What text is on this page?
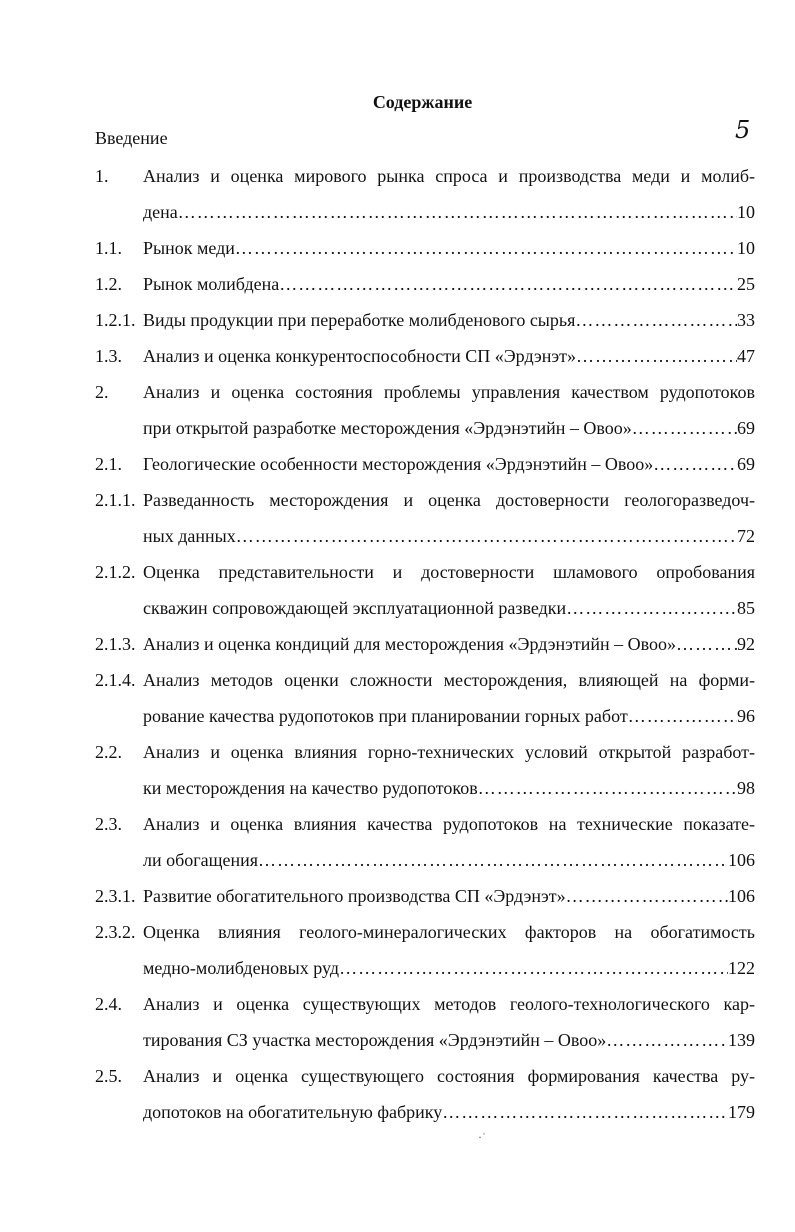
Содержание
Введение	5
1. Анализ и оценка мирового рынка спроса и производства меди и молиб-
дена …………………………………………………………………………………………………………………………………………………………………………………	10
1.1. Рынок меди …………………………………………………………………………………………………………………………………………………………………………………	10
1.2. Рынок молибдена …………………………………………………………………………………………………………………………………………………………………………………	25
1.2.1. Виды продукции при переработке молибденового сырья …………………………………………………………………………………………………………………………………………………………………………………	33
1.3. Анализ и оценка конкурентоспособности СП «Эрдэнэт» …………………………………………………………………………………………………………………………………………………………………………………	47
2. Анализ и оценка состояния проблемы управления качеством рудопотоков
при открытой разработке месторождения «Эрдэнэтийн – Овоо» …………………………………………………………………………………………………………………………………………………………………………………	69
2.1. Геологические особенности месторождения «Эрдэнэтийн – Овоо» …………………………………………………………………………………………………………………………………………………………………………………	69
2.1.1. Разведанность месторождения и оценка достоверности геологоразведоч-
ных данных …………………………………………………………………………………………………………………………………………………………………………………	72
2.1.2. Оценка представительности и достоверности шламового опробования
скважин сопровождающей эксплуатационной разведки …………………………………………………………………………………………………………………………………………………………………………………	85
2.1.3. Анализ и оценка кондиций для месторождения «Эрдэнэтийн – Овоо» …………………………………………………………………………………………………………………………………………………………………………………	92
2.1.4. Анализ методов оценки сложности месторождения, влияющей на форми-
рование качества рудопотоков при планировании горных работ …………………………………………………………………………………………………………………………………………………………………………………	96
2.2. Анализ и оценка влияния горно-технических условий открытой разработ-
ки месторождения на качество рудопотоков …………………………………………………………………………………………………………………………………………………………………………………	98
2.3. Анализ и оценка влияния качества рудопотоков на технические показате-
ли обогащения …………………………………………………………………………………………………………………………………………………………………………………	106
2.3.1. Развитие обогатительного производства СП «Эрдэнэт» …………………………………………………………………………………………………………………………………………………………………………………	106
2.3.2. Оценка влияния геолого-минералогических факторов на обогатимость
медно-молибденовых руд …………………………………………………………………………………………………………………………………………………………………………………	122
2.4. Анализ и оценка существующих методов геолого-технологического кар-
тирования СЗ участка месторождения «Эрдэнэтийн – Овоо» …………………………………………………………………………………………………………………………………………………………………………………	139
2.5. Анализ и оценка существующего состояния формирования качества ру-
допотоков на обогатительную фабрику …………………………………………………………………………………………………………………………………………………………………………………	179
·˙
